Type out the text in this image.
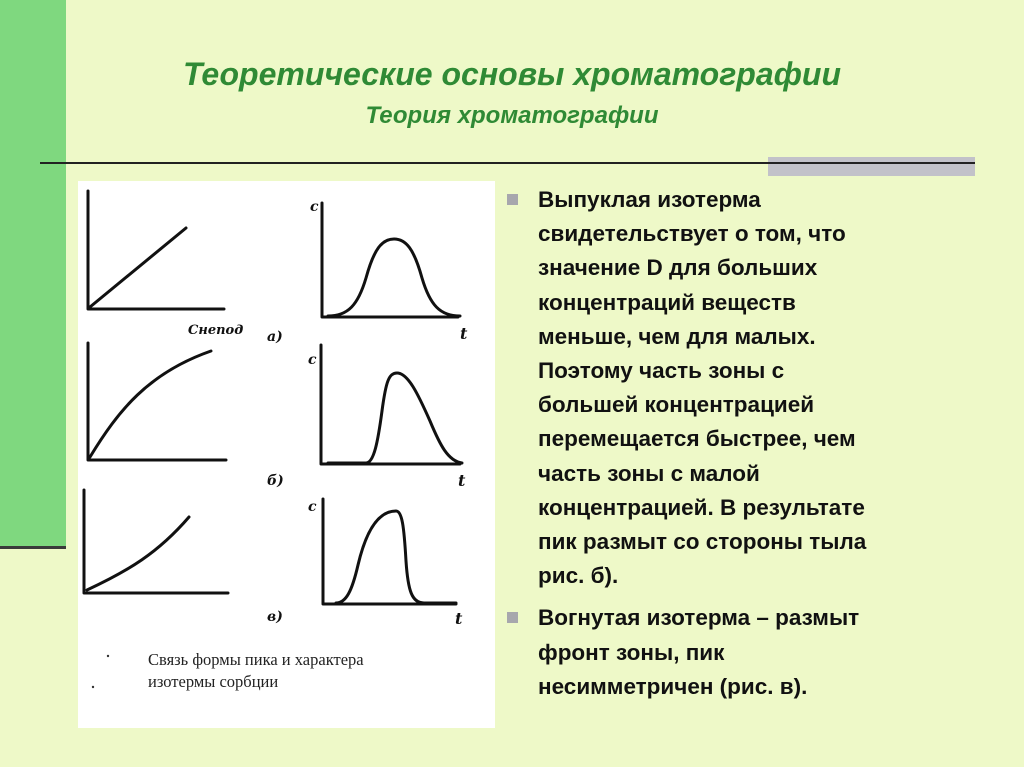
Теоретические основы хроматографии
Теория хроматографии
Cнепод а)
б)
в)
c
t
c
t
c
t

Связь формы пика и характера
изотермы сорбции

Выпуклая изотерма
свидетельствует о том, что
значение D для больших
концентраций веществ
меньше, чем для малых.
Поэтому часть зоны с
большей концентрацией
перемещается быстрее, чем
часть зоны с малой
концентрацией. В результате
пик размыт со стороны тыла
рис. б).
Вогнутая изотерма – размыт
фронт зоны, пик
несимметричен (рис. в).
